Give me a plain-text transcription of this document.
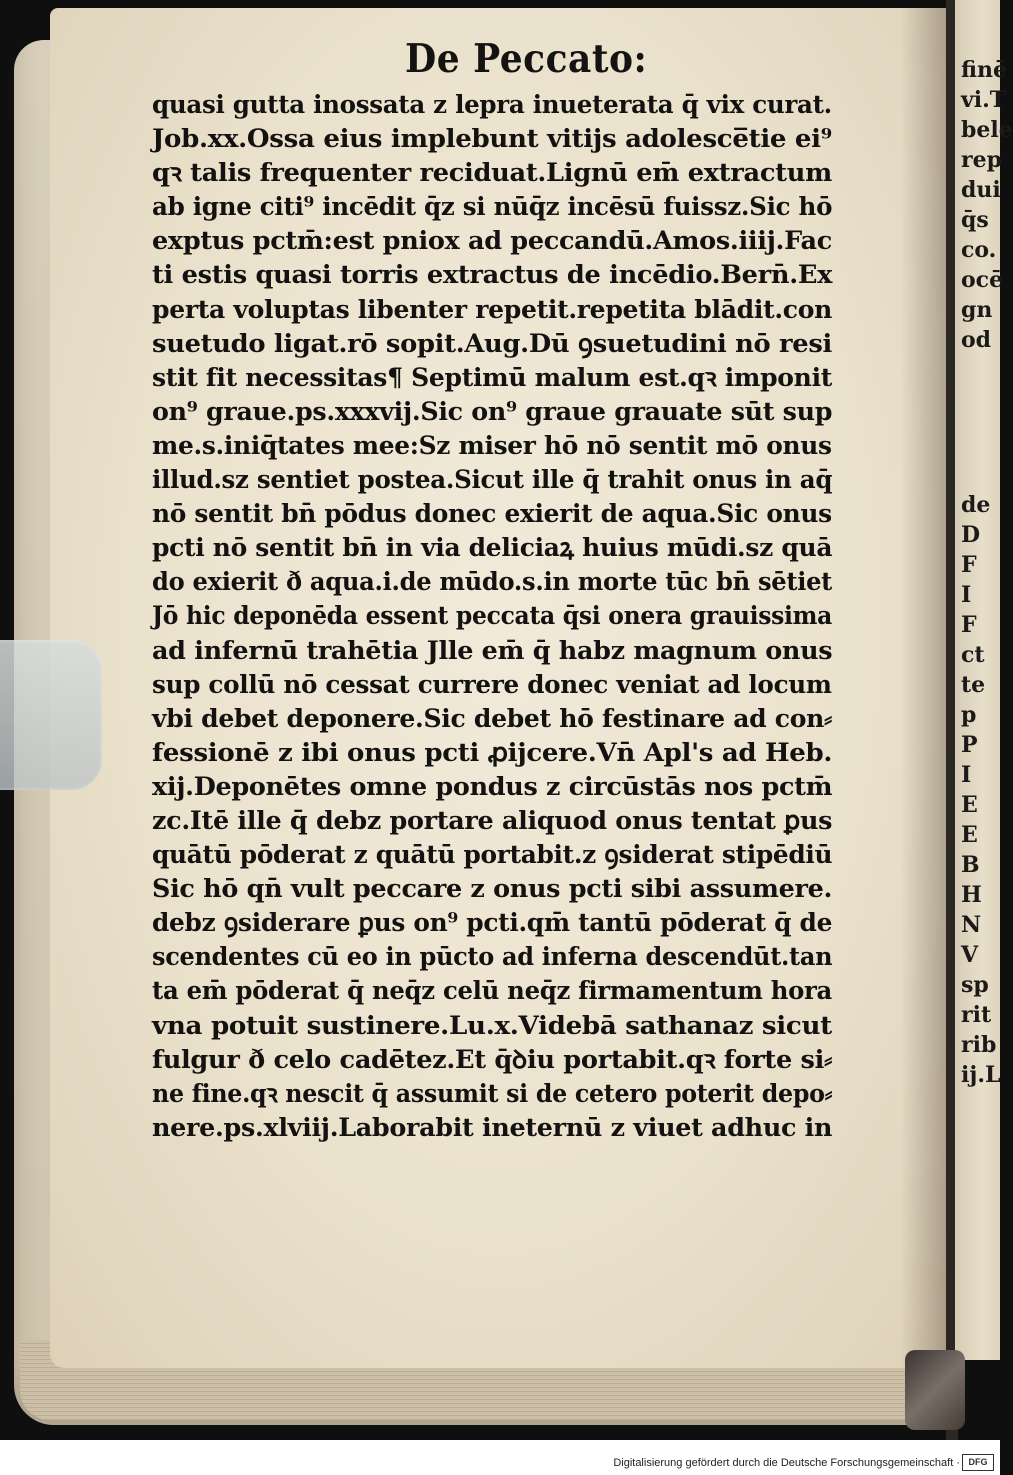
finē
vi.T
bele
rep
dui
q̄s
co.
ocē
gn
od
de
D
F
I
F
ct
te
p
P
I
E
E
B
H
N
V
sp
rit
rib
ij.L
De Peccato:
quasi gutta inossata z lepra inueterata q̄ vix curat.
Job.xx.Ossa eius implebunt vitijs adolesce̅tie ei⁹
qꝛ talis frequenter reciduat.Lignū em̄ extractum
ab igne citi⁹ incēdit q̄z si nūq̄z incēsū fuissz.Sic hō
exptus pctm̄:est pniox ad peccandū.Amos.iiij.Fac
ti estis quasi torris extractus de incēdio.Bern̄.Ex
perta voluptas libenter repetit.repetita blādit.con
suetudo ligat.rō sopit.Aug.Dū ꝯsuetudini nō resi
stit fit necessitas¶ Septimū malum est.qꝛ imponit
on⁹ graue.ps.xxxvij.Sic on⁹ graue grauate sūt sup
me.s.iniq̄tates mee:Sz miser hō nō sentit mō onus
illud.sz sentiet postea.Sicut ille q̄ trahit onus in aq̄
nō sentit bn̄ pōdus donec exierit de aqua.Sic onus
pcti nō sentit bn̄ in via deliciaꝝ huius mūdi.sz quā
do exierit ð aqua.i.de mūdo.s.in morte tūc bn̄ sētiet
Jō hic deponēda essent peccata q̄si onera grauissima
ad infernū trahētia Jlle em̄ q̄ habz magnum onus
sup collū nō cessat currere donec veniat ad locum
vbi debet deponere.Sic debet hō festinare ad con⸗
fessionē z ibi onus pcti ꝓijcere.Vn̄ Apl's ad Heb.
xij.Deponētes omne pondus z circūstās nos pctm̄
zc.Itē ille q̄ debz portare aliquod onus tentat ꝑus
quātū pōderat z quātū portabit.z ꝯsiderat stipēdiū
Sic hō qn̄ vult peccare z onus pcti sibi assumere.
debz ꝯsiderare ꝑus on⁹ pcti.qm̄ tantū pōderat q̄ de
scendentes cū eo in pūcto ad inferna descendūt.tan
ta em̄ pōderat q̄ neq̄z celū neq̄z firmamentum hora
vna potuit sustinere.Lu.x.Videbā sathanaz sicut
fulgur ð celo cadētez.Et q̄ꝺiu portabit.qꝛ forte si⸗
ne fine.qꝛ nescit q̄ assumit si de cetero poterit depo⸗
nere.ps.xlviij.Laborabit ineternū z viuet adhuc in
Digitalisierung gefördert durch die Deutsche Forschungsgemeinschaft · DFG
